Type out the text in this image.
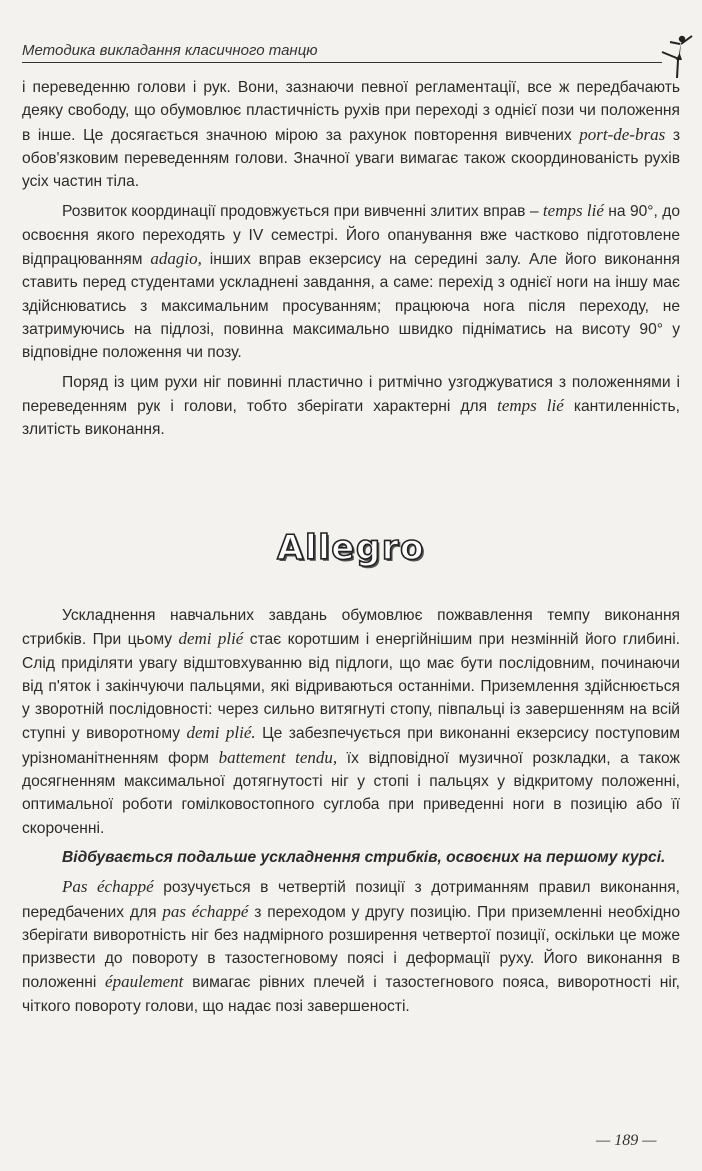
Методика викладання класичного танцю

і переведенню голови і рук. Вони, зазнаючи певної регламентації, все ж передбачають деяку свободу, що обумовлює пластичність рухів при переході з однієї пози чи положення в інше. Це досягається значною мірою за рахунок повторення вивчених port-de-bras з обов'язковим переведенням голови. Значної уваги вимагає також скоординованість рухів усіх частин тіла.

Розвиток координації продовжується при вивченні злитих вправ – temps lié на 90°, до освоєння якого переходять у IV семестрі. Його опанування вже частково підготовлене відпрацюванням adagio, інших вправ екзерсису на середині залу. Але його виконання ставить перед студентами ускладнені завдання, а саме: перехід з однієї ноги на іншу має здійснюватись з максимальним просуванням; працююча нога після переходу, не затримуючись на підлозі, повинна максимально швидко підніматись на висоту 90° у відповідне положення чи позу.

Поряд із цим рухи ніг повинні пластично і ритмічно узгоджуватися з положеннями і переведенням рук і голови, тобто зберігати характерні для temps lié кантиленність, злитість виконання.

Allegro

Ускладнення навчальних завдань обумовлює пожвавлення темпу виконання стрибків. При цьому demi plié стає коротшим і енергійнішим при незмінній його глибині. Слід приділяти увагу відштовхуванню від підлоги, що має бути послідовним, починаючи від п'яток і закінчуючи пальцями, які відриваються останніми. Приземлення здійснюється у зворотній послідовності: через сильно витягнуті стопу, півпальці із завершенням на всій ступні у виворотному demi plié. Це забезпечується при виконанні екзерсису поступовим урізноманітненням форм battement tendu, їх відповідної музичної розкладки, а також досягненням максимальної дотягнутості ніг у стопі і пальцях у відкритому положенні, оптимальної роботи гомілковостопного суглоба при приведенні ноги в позицію або її скороченні.

Відбувається подальше ускладнення стрибків, освоєних на першому курсі.

Pas échappé розучується в четвертій позиції з дотриманням правил виконання, передбачених для pas échappé з переходом у другу позицію. При приземленні необхідно зберігати виворотність ніг без надмірного розширення четвертої позиції, оскільки це може призвести до повороту в тазостегновому поясі і деформації руху. Його виконання в положенні épaulement вимагає рівних плечей і тазостегнового пояса, виворотності ніг, чіткого повороту голови, що надає позі завершеності.

— 189 —
